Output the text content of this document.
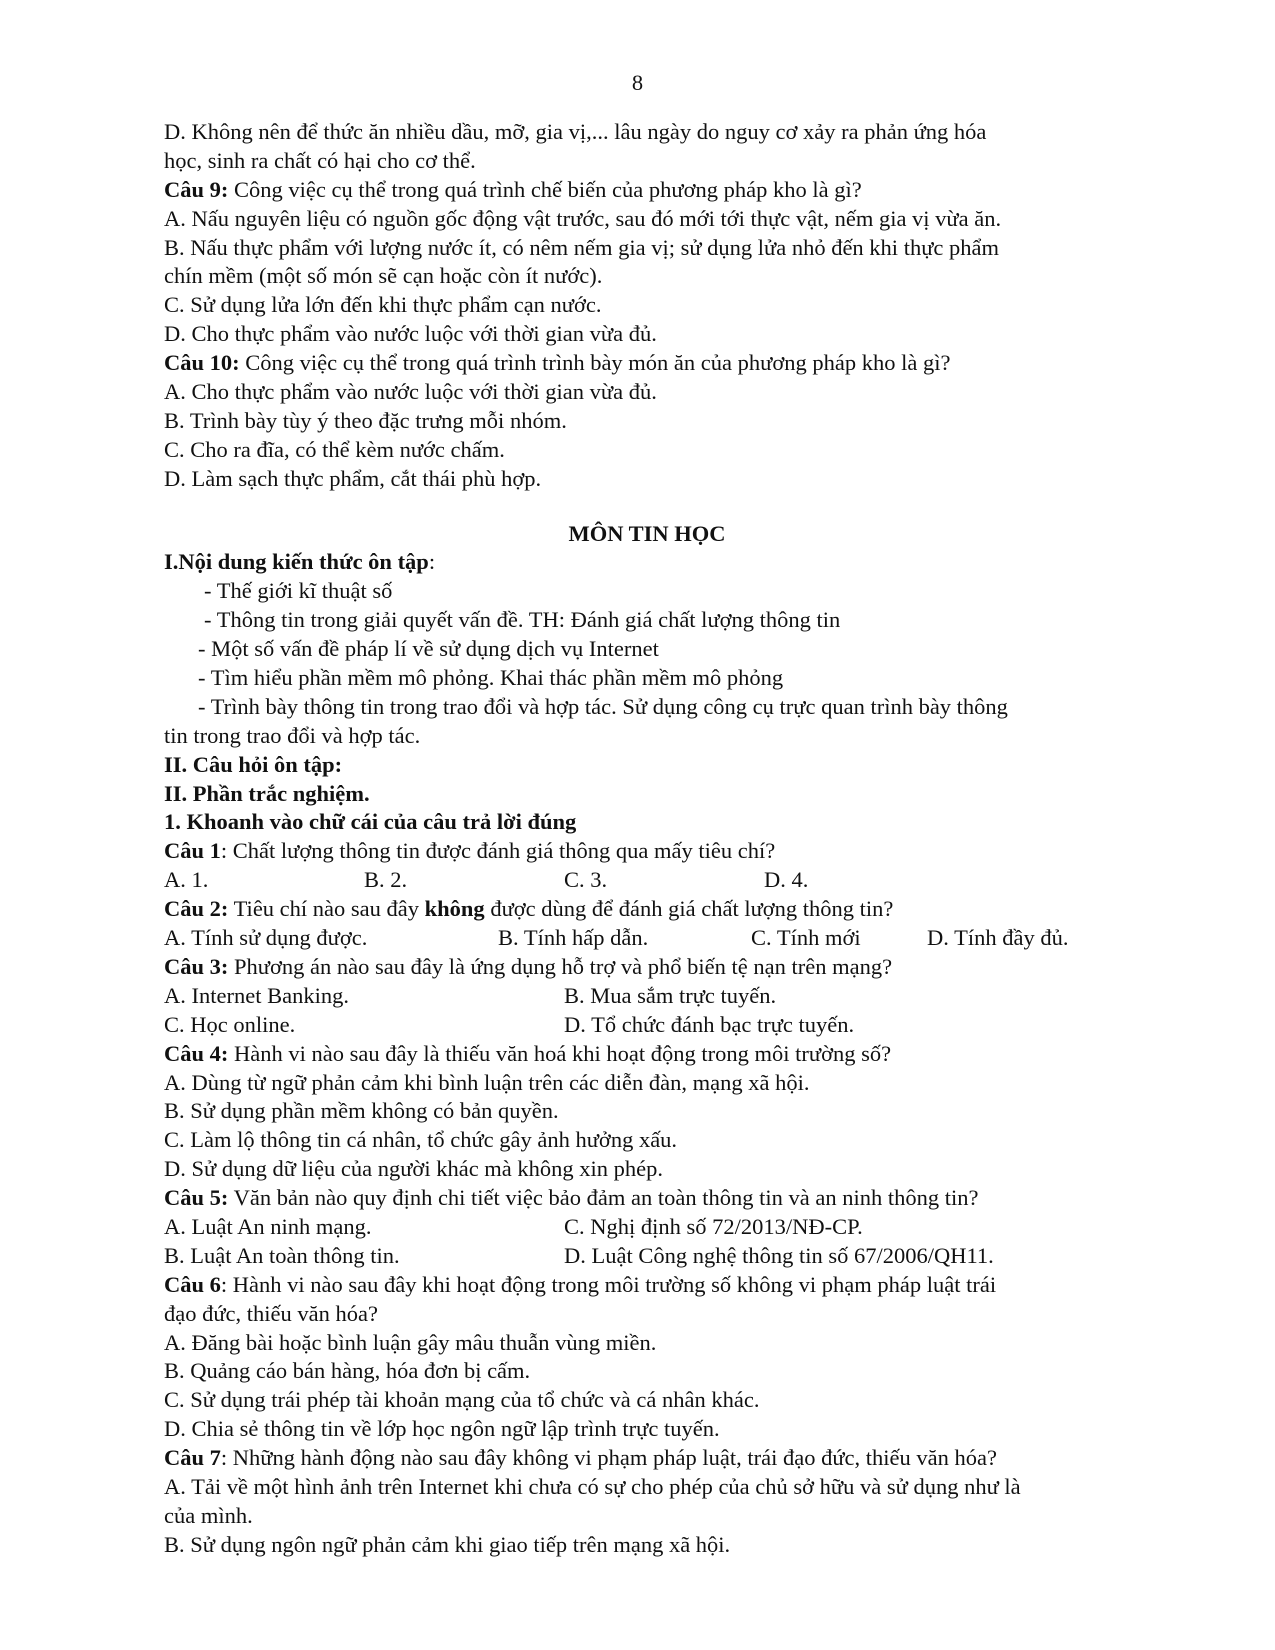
8
D. Không nên để thức ăn nhiều dầu, mỡ, gia vị,... lâu ngày do nguy cơ xảy ra phản ứng hóa
học, sinh ra chất có hại cho cơ thể.
Câu 9: Công việc cụ thể trong quá trình chế biến của phương pháp kho là gì?
A. Nấu nguyên liệu có nguồn gốc động vật trước, sau đó mới tới thực vật, nếm gia vị vừa ăn.
B. Nấu thực phẩm với lượng nước ít, có nêm nếm gia vị; sử dụng lửa nhỏ đến khi thực phẩm
chín mềm (một số món sẽ cạn hoặc còn ít nước).
C. Sử dụng lửa lớn đến khi thực phẩm cạn nước.
D. Cho thực phẩm vào nước luộc với thời gian vừa đủ.
Câu 10: Công việc cụ thể trong quá trình trình bày món ăn của phương pháp kho là gì?
A. Cho thực phẩm vào nước luộc với thời gian vừa đủ.
B. Trình bày tùy ý theo đặc trưng mỗi nhóm.
C. Cho ra đĩa, có thể kèm nước chấm.
D. Làm sạch thực phẩm, cắt thái phù hợp.
MÔN TIN HỌC
I.Nội dung kiến thức ôn tập:
- Thế giới kĩ thuật số
- Thông tin trong giải quyết vấn đề. TH: Đánh giá chất lượng thông tin
- Một số vấn đề pháp lí về sử dụng dịch vụ Internet
- Tìm hiểu phần mềm mô phỏng. Khai thác phần mềm mô phỏng
- Trình bày thông tin trong trao đổi và hợp tác. Sử dụng công cụ trực quan trình bày thông
tin trong trao đổi và hợp tác.
II. Câu hỏi ôn tập:
II. Phần trắc nghiệm.
1. Khoanh vào chữ cái của câu trả lời đúng
Câu 1: Chất lượng thông tin được đánh giá thông qua mấy tiêu chí?
A. 1.	B. 2.	C. 3.	D. 4.
Câu 2: Tiêu chí nào sau đây không được dùng để đánh giá chất lượng thông tin?
A. Tính sử dụng được.	B. Tính hấp dẫn.	C. Tính mới	D. Tính đầy đủ.
Câu 3: Phương án nào sau đây là ứng dụng hỗ trợ và phổ biến tệ nạn trên mạng?
A. Internet Banking.	B. Mua sắm trực tuyến.
C. Học online.	D. Tổ chức đánh bạc trực tuyến.
Câu 4: Hành vi nào sau đây là thiếu văn hoá khi hoạt động trong môi trường số?
A. Dùng từ ngữ phản cảm khi bình luận trên các diễn đàn, mạng xã hội.
B. Sử dụng phần mềm không có bản quyền.
C. Làm lộ thông tin cá nhân, tổ chức gây ảnh hưởng xấu.
D. Sử dụng dữ liệu của người khác mà không xin phép.
Câu 5: Văn bản nào quy định chi tiết việc bảo đảm an toàn thông tin và an ninh thông tin?
A. Luật An ninh mạng.	C. Nghị định số 72/2013/NĐ-CP.
B. Luật An toàn thông tin.	D. Luật Công nghệ thông tin số 67/2006/QH11.
Câu 6: Hành vi nào sau đây khi hoạt động trong môi trường số không vi phạm pháp luật trái
đạo đức, thiếu văn hóa?
A. Đăng bài hoặc bình luận gây mâu thuẫn vùng miền.
B. Quảng cáo bán hàng, hóa đơn bị cấm.
C. Sử dụng trái phép tài khoản mạng của tổ chức và cá nhân khác.
D. Chia sẻ thông tin về lớp học ngôn ngữ lập trình trực tuyến.
Câu 7: Những hành động nào sau đây không vi phạm pháp luật, trái đạo đức, thiếu văn hóa?
A. Tải về một hình ảnh trên Internet khi chưa có sự cho phép của chủ sở hữu và sử dụng như là
của mình.
B. Sử dụng ngôn ngữ phản cảm khi giao tiếp trên mạng xã hội.
